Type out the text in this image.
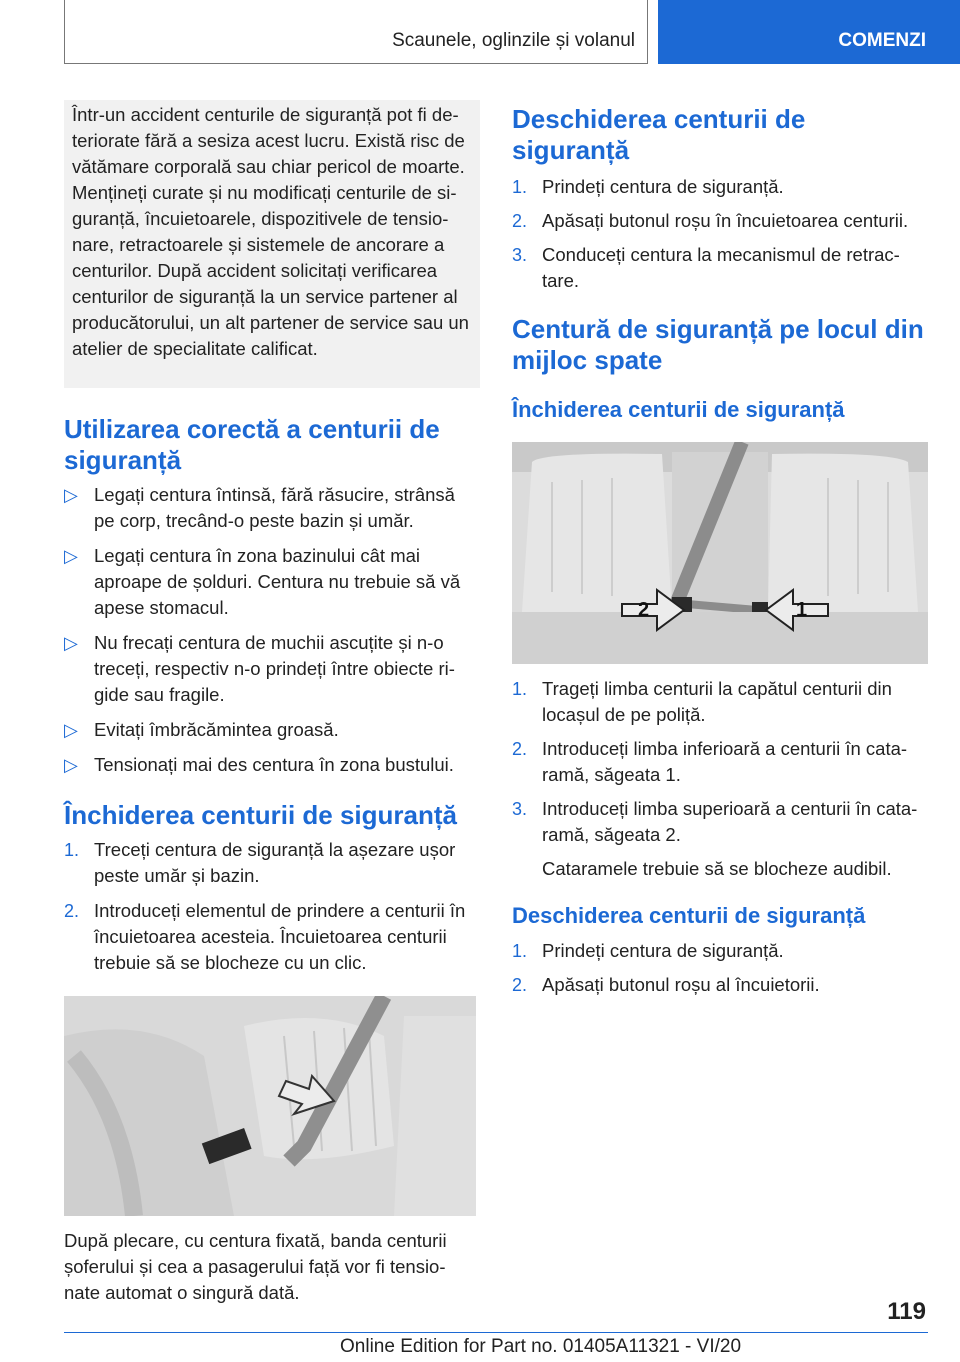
Scaunele, oglinzile și volanul	COMENZI

Într-un accident centurile de siguranță pot fi de-teriorate fără a sesiza acest lucru. Există risc de vătămare corporală sau chiar pericol de moarte. Mențineți curate și nu modificați centurile de si-guranță, încuietoarele, dispozitivele de tensio-nare, retractoarele și sistemele de ancorare a centurilor. După accident solicitați verificarea centurilor de siguranță la un service partener al producătorului, un alt partener de service sau un atelier de specialitate calificat.

Utilizarea corectă a centurii de siguranță
▷ Legați centura întinsă, fără răsucire, strânsă pe corp, trecând-o peste bazin și umăr.
▷ Legați centura în zona bazinului cât mai aproape de șolduri. Centura nu trebuie să vă apese stomacul.
▷ Nu frecați centura de muchii ascuțite și n-o treceți, respectiv n-o prindeți între obiecte ri-gide sau fragile.
▷ Evitați îmbrăcămintea groasă.
▷ Tensionați mai des centura în zona bustului.
Închiderea centurii de siguranță
1. Treceți centura de siguranță la așezare ușor peste umăr și bazin.
2. Introduceți elementul de prindere a centurii în încuietoarea acesteia. Încuietoarea centurii trebuie să se blocheze cu un clic.

După plecare, cu centura fixată, banda centurii șoferului și cea a pasagerului față vor fi tensio-nate automat o singură dată.

Deschiderea centurii de siguranță
1. Prindeți centura de siguranță.
2. Apăsați butonul roșu în încuietoarea centurii.
3. Conduceți centura la mecanismul de retrac-tare.
Centură de siguranță pe locul din mijloc spate
Închiderea centurii de siguranță
2	1
1. Trageți limba centurii la capătul centurii din locașul de pe poliță.
2. Introduceți limba inferioară a centurii în cata-ramă, săgeata 1.
3. Introduceți limba superioară a centurii în cata-ramă, săgeata 2.

Cataramele trebuie să se blocheze audibil.

Deschiderea centurii de siguranță
1. Prindeți centura de siguranță.
2. Apăsați butonul roșu al încuietorii.
119
Online Edition for Part no. 01405A11321 - VI/20
